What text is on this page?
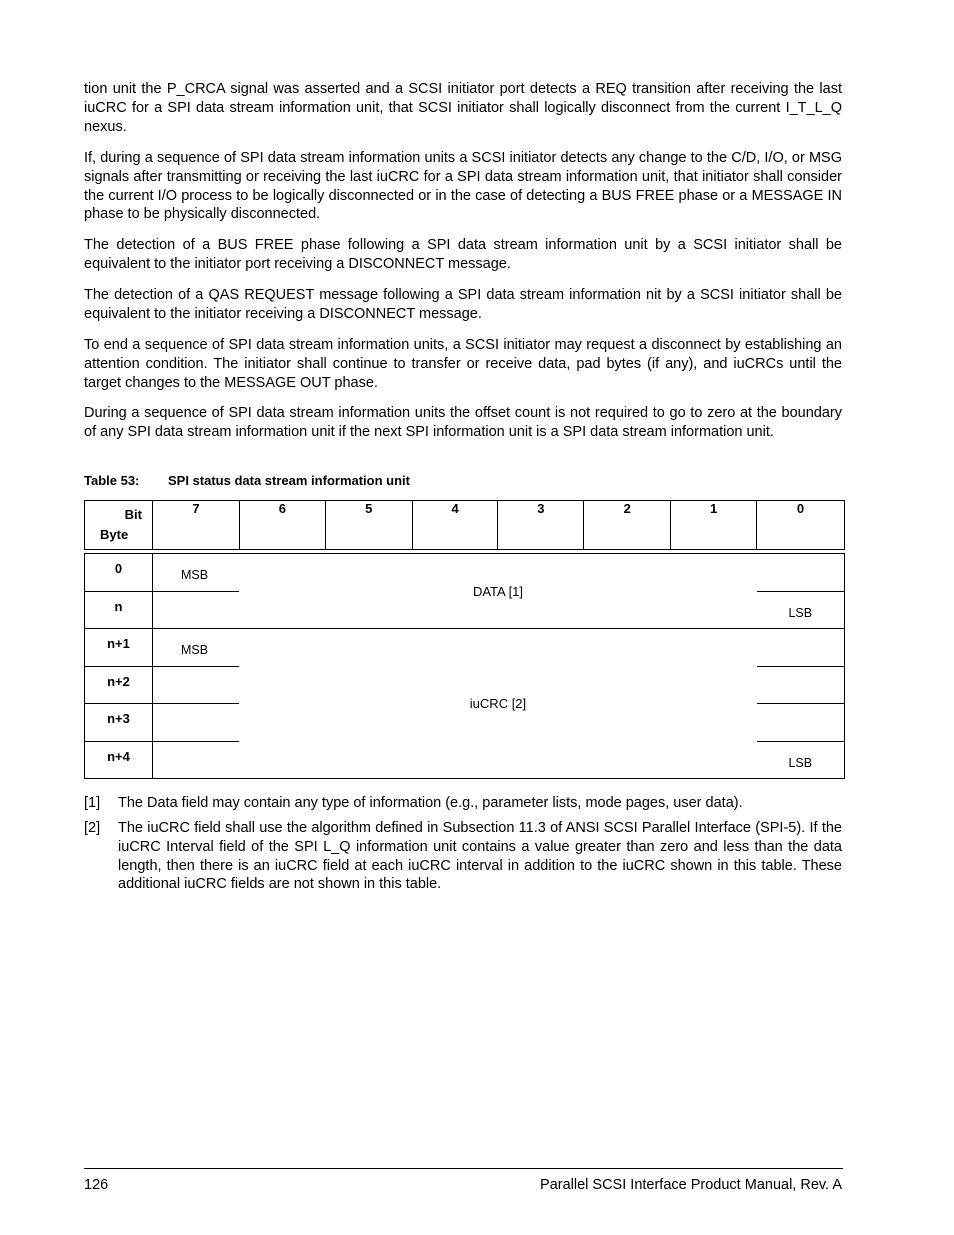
tion unit the P_CRCA signal was asserted and a SCSI initiator port detects a REQ transition after receiving the last iuCRC for a SPI data stream information unit, that SCSI initiator shall logically disconnect from the current I_T_L_Q nexus.

If, during a sequence of SPI data stream information units a SCSI initiator detects any change to the C/D, I/O, or MSG signals after transmitting or receiving the last iuCRC for a SPI data stream information unit, that initiator shall consider the current I/O process to be logically disconnected or in the case of detecting a BUS FREE phase or a MESSAGE IN phase to be physically disconnected.

The detection of a BUS FREE phase following a SPI data stream information unit by a SCSI initiator shall be equivalent to the initiator port receiving a DISCONNECT message.

The detection of a QAS REQUEST message following a SPI data stream information nit by a SCSI initiator shall be equivalent to the initiator receiving a DISCONNECT message.

To end a sequence of SPI data stream information units, a SCSI initiator may request a disconnect by establishing an attention condition. The initiator shall continue to transfer or receive data, pad bytes (if any), and iuCRCs until the target changes to the MESSAGE OUT phase.

During a sequence of SPI data stream information units the offset count is not required to go to zero at the boundary of any SPI data stream information unit if the next SPI information unit is a SPI data stream information unit.

Table 53: SPI status data stream information unit
Bit
Byte	7	6	5	4	3	2	1	0

0	MSB	DATA [1]						
n								LSB
n+1	MSB	iuCRC [2]						
n+2								
n+3								
n+4								LSB
[1] The Data field may contain any type of information (e.g., parameter lists, mode pages, user data).
[2] The iuCRC field shall use the algorithm defined in Subsection 11.3 of ANSI SCSI Parallel Interface (SPI-5). If the iuCRC Interval field of the SPI L_Q information unit contains a value greater than zero and less than the data length, then there is an iuCRC field at each iuCRC interval in addition to the iuCRC shown in this table. These additional iuCRC fields are not shown in this table.
126	Parallel SCSI Interface Product Manual, Rev. A
